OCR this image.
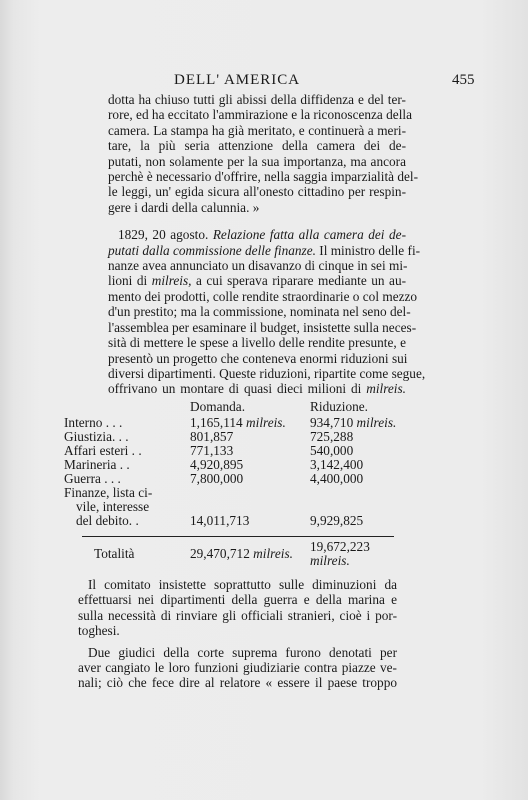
DELL' AMERICA	455
dotta ha chiuso tutti gli abissi della diffidenza e del ter-
rore, ed ha eccitato l'ammirazione e la riconoscenza della
camera. La stampa ha già meritato, e continuerà a meri-
tare, la più seria attenzione della camera dei de-
putati, non solamente per la sua importanza, ma ancora
perchè è necessario d'offrire, nella saggia imparzialità del-
le leggi, un' egida sicura all'onesto cittadino per respin-
gere i dardi della calunnia. »
1829, 20 agosto. Relazione fatta alla camera dei de-
putati dalla commissione delle finanze. Il ministro delle fi-
nanze avea annunciato un disavanzo di cinque in sei mi-
lioni di milreis, a cui sperava riparare mediante un au-
mento dei prodotti, colle rendite straordinarie o col mezzo
d'un prestito; ma la commissione, nominata nel seno del-
l'assemblea per esaminare il budget, insistette sulla neces-
sità di mettere le spese a livello delle rendite presunte, e
presentò un progetto che conteneva enormi riduzioni sui
diversi dipartimenti. Queste riduzioni, ripartite come segue,
offrivano un montare di quasi dieci milioni di milreis.
	Domanda.	Riduzione.
Interno . . .	1,165,114 milreis.	934,710 milreis.
Giustizia. . .	801,857	725,288
Affari esteri . .	771,133	540,000
Marineria . .	4,920,895	3,142,400
Guerra . . .	7,800,000	4,400,000
Finanze, lista ci-		
vile, interesse		
del debito. .	14,011,713	9,929,825
Totalità	29,470,712 milreis.	19,672,223 milreis.
Il comitato insistette soprattutto sulle diminuzioni da
effettuarsi nei dipartimenti della guerra e della marina e
sulla necessità di rinviare gli officiali stranieri, cioè i por-
toghesi.
Due giudici della corte suprema furono denotati per
aver cangiato le loro funzioni giudiziarie contra piazze ve-
nali; ciò che fece dire al relatore « essere il paese troppo
